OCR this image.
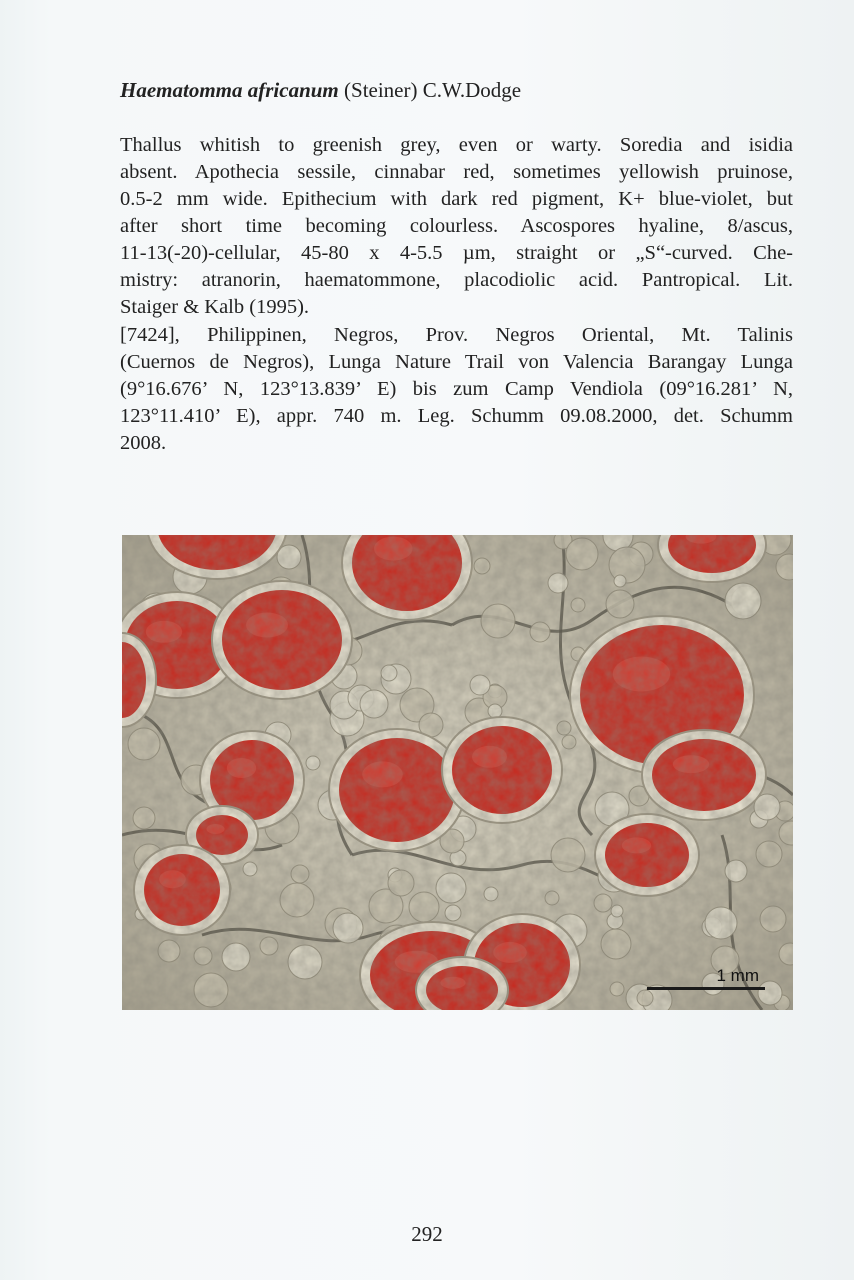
Haematomma africanum (Steiner) C.W.Dodge
Thallus whitish to greenish grey, even or warty. Soredia and isidia
absent. Apothecia sessile, cinnabar red, sometimes yellowish pruinose,
0.5-2 mm wide. Epithecium with dark red pigment, K+ blue-violet, but
after short time becoming colourless. Ascospores hyaline, 8/ascus,
11-13(-20)-cellular, 45-80 x 4-5.5 µm, straight or „S“-curved. Che-
mistry: atranorin, haematommone, placodiolic acid. Pantropical. Lit.
Staiger & Kalb (1995).
[7424], Philippinen, Negros, Prov. Negros Oriental, Mt. Talinis
(Cuernos de Negros), Lunga Nature Trail von Valencia Barangay Lunga
(9°16.676’ N, 123°13.839’ E) bis zum Camp Vendiola (09°16.281’ N,
123°11.410’ E), appr. 740 m. Leg. Schumm 09.08.2000, det. Schumm
2008.
1 mm
292
